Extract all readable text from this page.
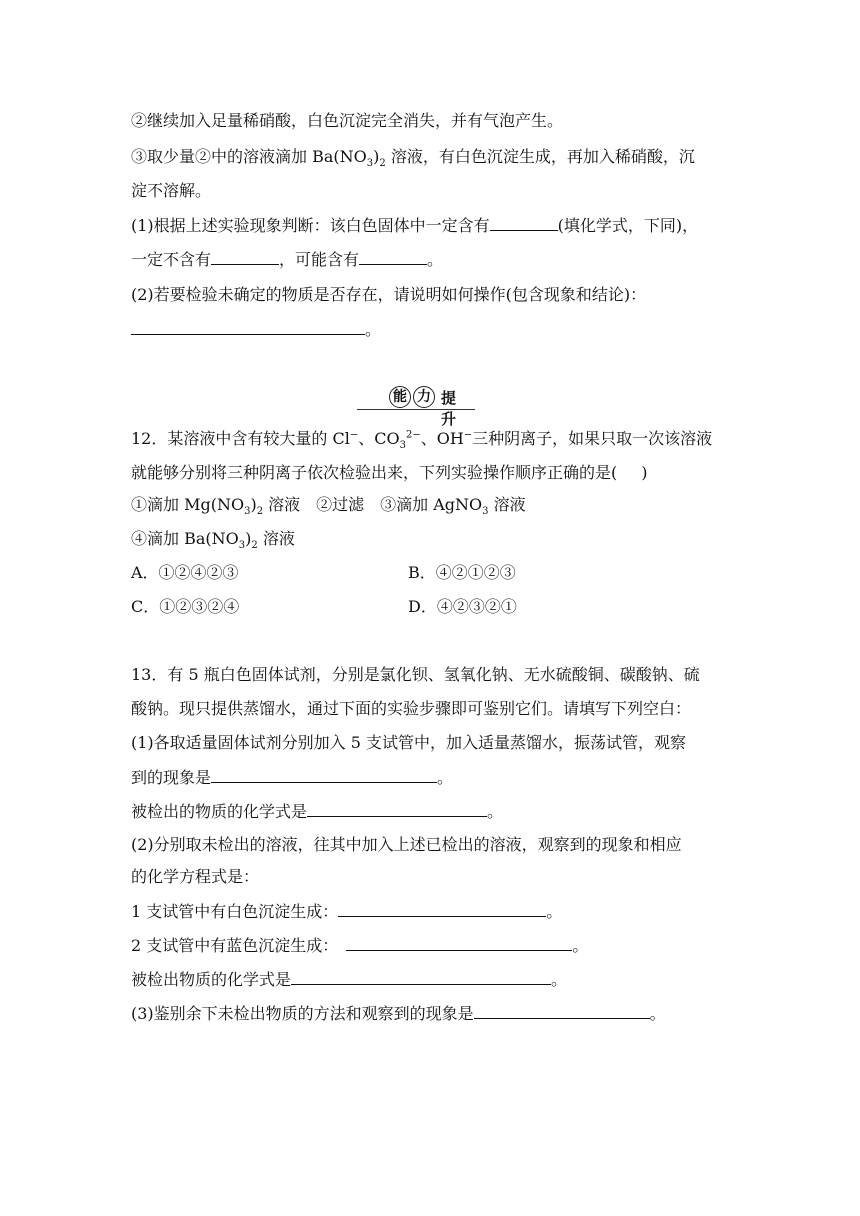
②继续加入足量稀硝酸，白色沉淀完全消失，并有气泡产生。
③取少量②中的溶液滴加 $Ba(NO_3)_2$ 溶液，有白色沉淀生成，再加入稀硝酸，沉
淀不溶解。
(1)根据上述实验现象判断：该白色固体中一定含有	(填化学式，下同)，
一定不含有	，可能含有	。
(2)若要检验未确定的物质是否存在，请说明如何操作(包含现象和结论)：
。
能 力 提 升
12．某溶液中含有较大量的 Cl−、$CO_3^{2-}$、OH−三种阴离子，如果只取一次该溶液
就能够分别将三种阴离子依次检验出来，下列实验操作顺序正确的是( )
①滴加 $Mg(NO_3)_2$ 溶液　②过滤　③滴加 AgNO$_3$ 溶液
④滴加 $Ba(NO_3)_2$ 溶液
A．①②④②③	B．④②①②③
C．①②③②④	D．④②③②①
13．有 5 瓶白色固体试剂，分别是氯化钡、氢氧化钠、无水硫酸铜、碳酸钠、硫
酸钠。现只提供蒸馏水，通过下面的实验步骤即可鉴别它们。请填写下列空白：
(1)各取适量固体试剂分别加入 5 支试管中，加入适量蒸馏水，振荡试管，观察
到的现象是	。
被检出的物质的化学式是	。
(2)分别取未检出的溶液，往其中加入上述已检出的溶液，观察到的现象和相应
的化学方程式是：
1 支试管中有白色沉淀生成：	。
2 支试管中有蓝色沉淀生成：	。
被检出物质的化学式是	。
(3)鉴别余下未检出物质的方法和观察到的现象是	。
